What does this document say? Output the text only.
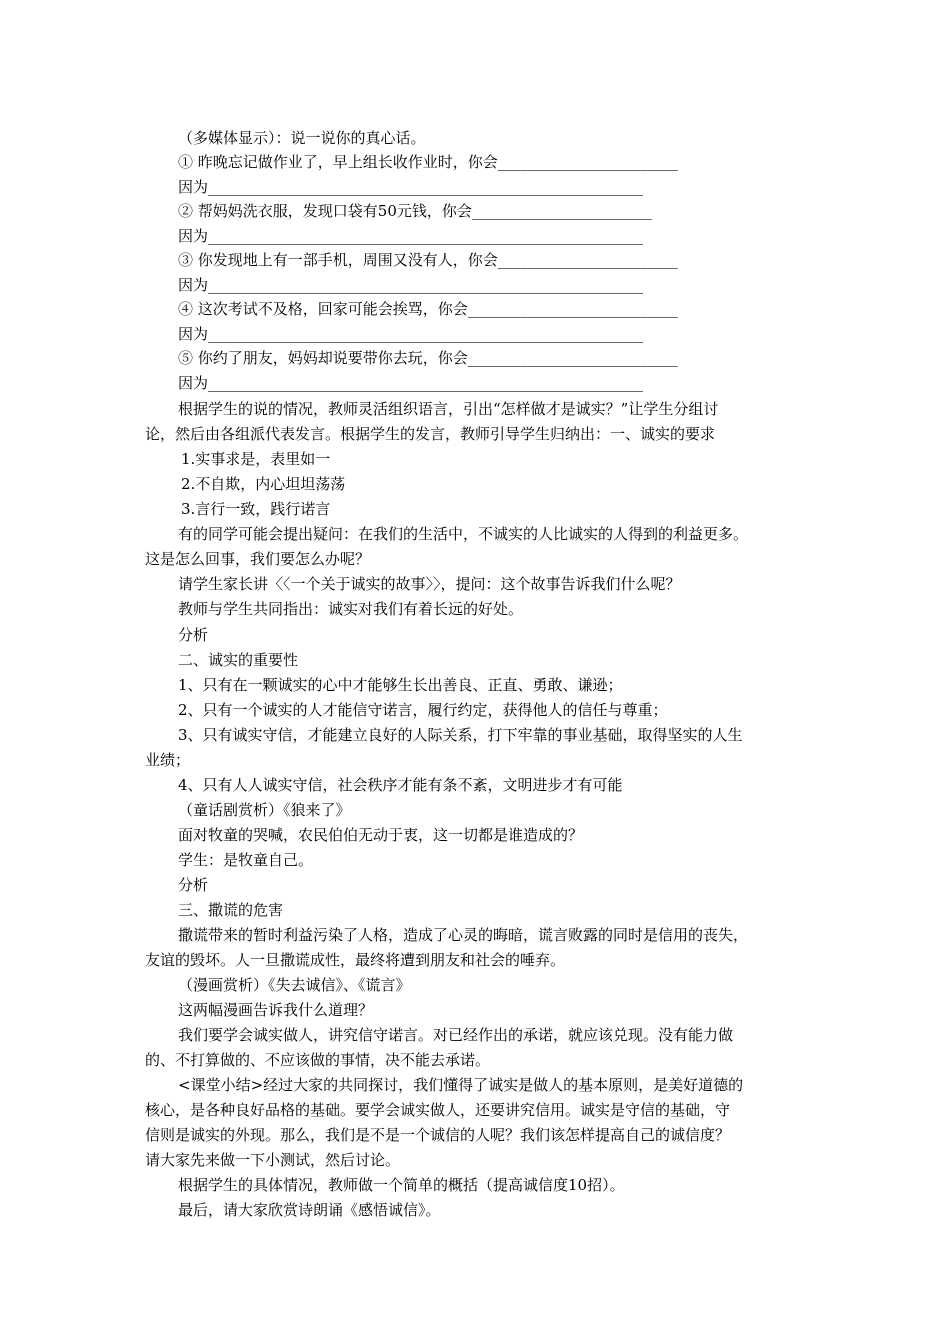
（多媒体显示）：说一说你的真心话。
① 昨晚忘记做作业了，早上组长收作业时，你会________________________
因为__________________________________________________________
② 帮妈妈洗衣服，发现口袋有50元钱，你会________________________
因为__________________________________________________________
③ 你发现地上有一部手机，周围又没有人，你会________________________
因为__________________________________________________________
④ 这次考试不及格，回家可能会挨骂，你会____________________________
因为__________________________________________________________
⑤ 你约了朋友，妈妈却说要带你去玩，你会____________________________
因为__________________________________________________________
根据学生的说的情况，教师灵活组织语言，引出“怎样做才是诚实？”让学生分组讨
论，然后由各组派代表发言。根据学生的发言，教师引导学生归纳出：一、诚实的要求
1.实事求是，表里如一
2.不自欺，内心坦坦荡荡
3.言行一致，践行诺言
有的同学可能会提出疑问：在我们的生活中，不诚实的人比诚实的人得到的利益更多。
这是怎么回事，我们要怎么办呢？
请学生家长讲〈〈一个关于诚实的故事〉〉，提问：这个故事告诉我们什么呢？
教师与学生共同指出：诚实对我们有着长远的好处。
分析
二、诚实的重要性
1、只有在一颗诚实的心中才能够生长出善良、正直、勇敢、谦逊；
2、只有一个诚实的人才能信守诺言，履行约定，获得他人的信任与尊重；
3、只有诚实守信，才能建立良好的人际关系，打下牢靠的事业基础，取得坚实的人生
业绩；
4、只有人人诚实守信，社会秩序才能有条不紊，文明进步才有可能
（童话剧赏析）《狼来了》
面对牧童的哭喊，农民伯伯无动于衷，这一切都是谁造成的？
学生：是牧童自己。
分析
三、撒谎的危害
撒谎带来的暂时利益污染了人格，造成了心灵的晦暗，谎言败露的同时是信用的丧失，
友谊的毁坏。人一旦撒谎成性，最终将遭到朋友和社会的唾弃。
（漫画赏析）《失去诚信》、《谎言》
这两幅漫画告诉我什么道理？
我们要学会诚实做人，讲究信守诺言。对已经作出的承诺，就应该兑现。没有能力做
的、不打算做的、不应该做的事情，决不能去承诺。
<课堂小结>经过大家的共同探讨，我们懂得了诚实是做人的基本原则，是美好道德的
核心，是各种良好品格的基础。要学会诚实做人，还要讲究信用。诚实是守信的基础，守
信则是诚实的外现。那么，我们是不是一个诚信的人呢？我们该怎样提高自己的诚信度？
请大家先来做一下小测试，然后讨论。
根据学生的具体情况，教师做一个简单的概括（提高诚信度10招）。
最后，请大家欣赏诗朗诵《感悟诚信》。
